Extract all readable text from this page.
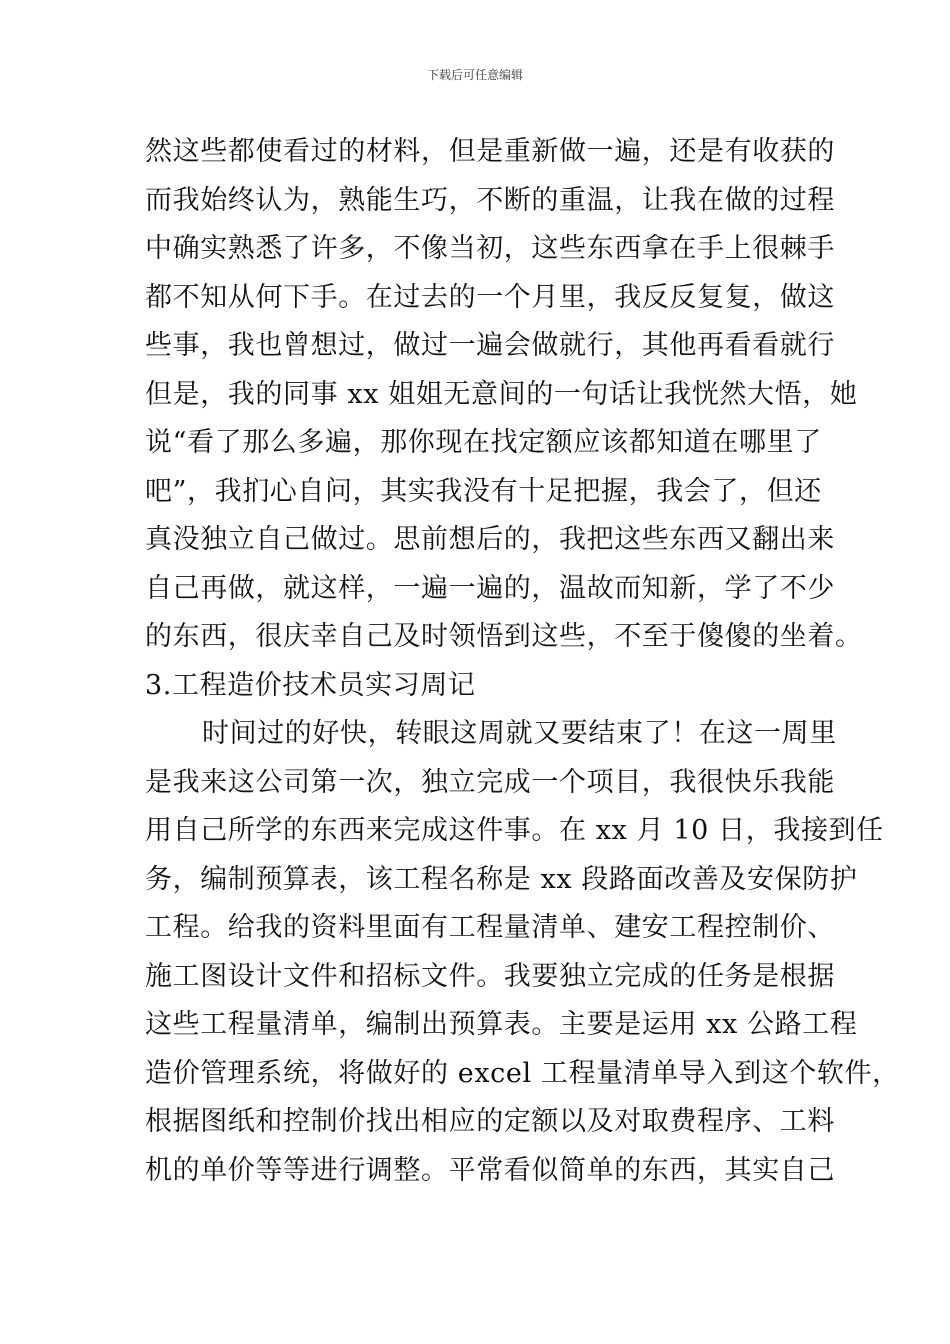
下载后可任意编辑
然这些都使看过的材料，但是重新做一遍，还是有收获的
而我始终认为，熟能生巧，不断的重温，让我在做的过程
中确实熟悉了许多，不像当初，这些东西拿在手上很棘手
都不知从何下手。在过去的一个月里，我反反复复，做这
些事，我也曾想过，做过一遍会做就行，其他再看看就行
但是，我的同事 xx 姐姐无意间的一句话让我恍然大悟，她
说“看了那么多遍，那你现在找定额应该都知道在哪里了
吧”，我扪心自问，其实我没有十足把握，我会了，但还
真没独立自己做过。思前想后的，我把这些东西又翻出来
自己再做，就这样，一遍一遍的，温故而知新，学了不少
的东西，很庆幸自己及时领悟到这些，不至于傻傻的坐着。
3.工程造价技术员实习周记
时间过的好快，转眼这周就又要结束了！在这一周里
是我来这公司第一次，独立完成一个项目，我很快乐我能
用自己所学的东西来完成这件事。在 xx 月 10 日，我接到任
务，编制预算表，该工程名称是 xx 段路面改善及安保防护
工程。给我的资料里面有工程量清单、建安工程控制价、
施工图设计文件和招标文件。我要独立完成的任务是根据
这些工程量清单，编制出预算表。主要是运用 xx 公路工程
造价管理系统，将做好的 excel 工程量清单导入到这个软件，
根据图纸和控制价找出相应的定额以及对取费程序、工料
机的单价等等进行调整。平常看似简单的东西，其实自己
